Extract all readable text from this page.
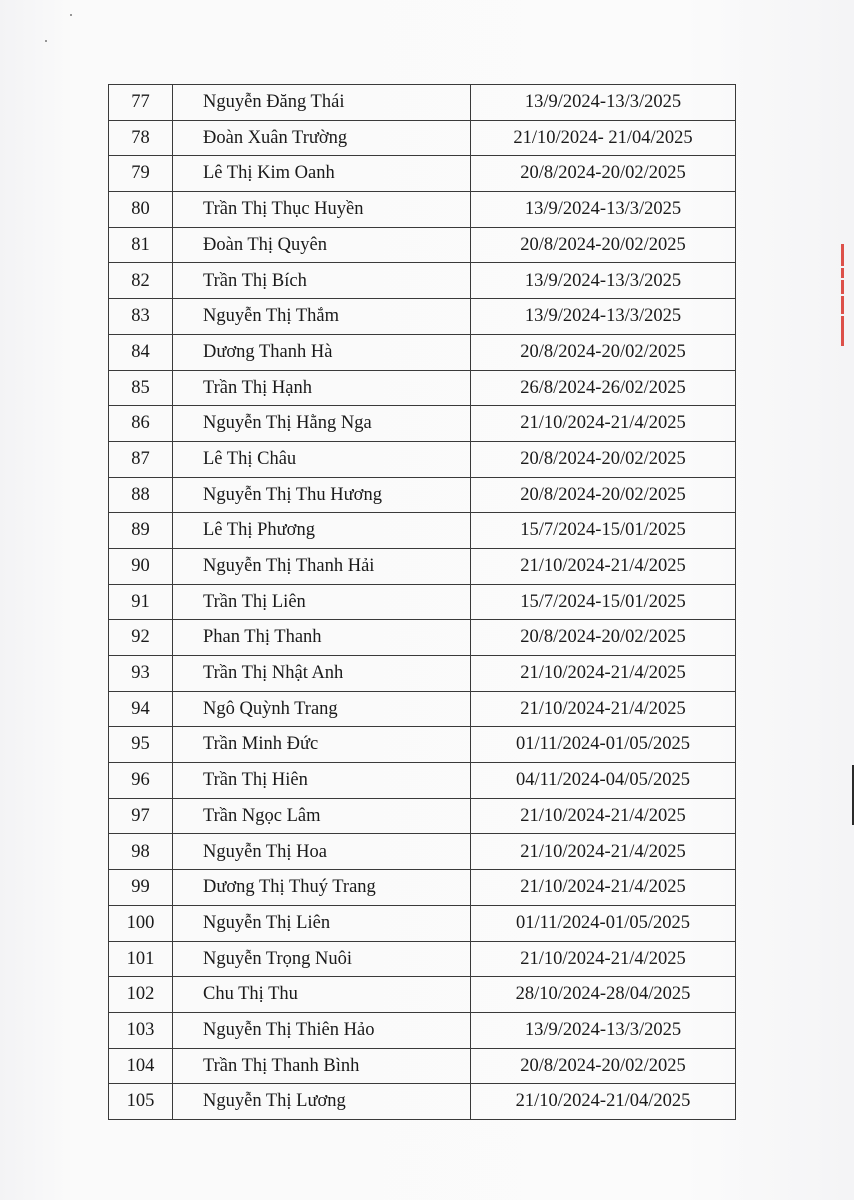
77	Nguyễn Đăng Thái	13/9/2024-13/3/2025
78	Đoàn Xuân Trường	21/10/2024- 21/04/2025
79	Lê Thị Kim Oanh	20/8/2024-20/02/2025
80	Trần Thị Thục Huyền	13/9/2024-13/3/2025
81	Đoàn Thị Quyên	20/8/2024-20/02/2025
82	Trần Thị Bích	13/9/2024-13/3/2025
83	Nguyễn Thị Thắm	13/9/2024-13/3/2025
84	Dương Thanh Hà	20/8/2024-20/02/2025
85	Trần Thị Hạnh	26/8/2024-26/02/2025
86	Nguyễn Thị Hằng Nga	21/10/2024-21/4/2025
87	Lê Thị Châu	20/8/2024-20/02/2025
88	Nguyễn Thị Thu Hương	20/8/2024-20/02/2025
89	Lê Thị Phương	15/7/2024-15/01/2025
90	Nguyễn Thị Thanh Hải	21/10/2024-21/4/2025
91	Trần Thị Liên	15/7/2024-15/01/2025
92	Phan Thị Thanh	20/8/2024-20/02/2025
93	Trần Thị Nhật Anh	21/10/2024-21/4/2025
94	Ngô Quỳnh Trang	21/10/2024-21/4/2025
95	Trần Minh Đức	01/11/2024-01/05/2025
96	Trần Thị Hiên	04/11/2024-04/05/2025
97	Trần Ngọc Lâm	21/10/2024-21/4/2025
98	Nguyễn Thị Hoa	21/10/2024-21/4/2025
99	Dương Thị Thuý Trang	21/10/2024-21/4/2025
100	Nguyễn Thị Liên	01/11/2024-01/05/2025
101	Nguyễn Trọng Nuôi	21/10/2024-21/4/2025
102	Chu Thị Thu	28/10/2024-28/04/2025
103	Nguyễn Thị Thiên Hảo	13/9/2024-13/3/2025
104	Trần Thị Thanh Bình	20/8/2024-20/02/2025
105	Nguyễn Thị Lương	21/10/2024-21/04/2025
